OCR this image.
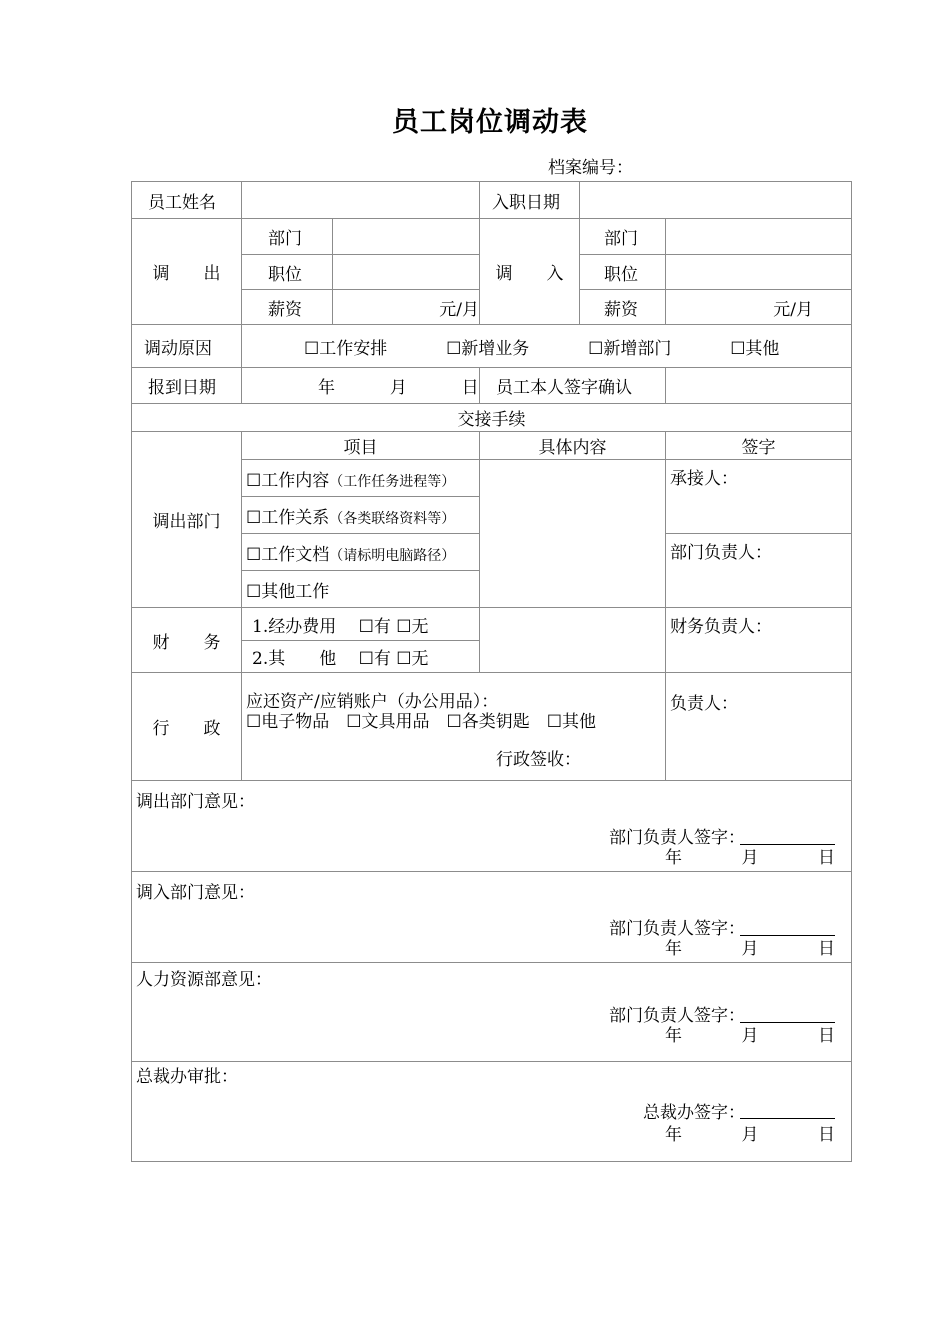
员工岗位调动表
档案编号：
员工姓名			入职日期		
调　　出	部门		调　　入	部门	
	职位			职位	
	薪资	元/月		薪资	元/月
调动原因	☐工作安排 ☐新增业务 ☐新增部门 ☐其他				
报到日期	年 月 日		员工本人签字确认		
交接手续					
调出部门	项目		具体内容		签字
	☐工作内容（工作任务进程等）				承接人：
	☐工作关系（各类联络资料等）				
	☐工作文档（请标明电脑路径）				部门负责人：
	☐其他工作				
财　　务	1.经办费用　 ☐有 ☐无				财务负责人：
	2.其　　他　 ☐有 ☐无				
行　　政	应还资产/应销账户（办公用品）：
☐电子物品　☐文具用品　☐各类钥匙　☐其他
行政签收：				负责人：

调出部门意见：
部门负责人签字：
年 月 日					

调入部门意见：
部门负责人签字：
年 月 日					

人力资源部意见：
部门负责人签字：
年 月 日					

总裁办审批：
总裁办签字：
年 月 日					
